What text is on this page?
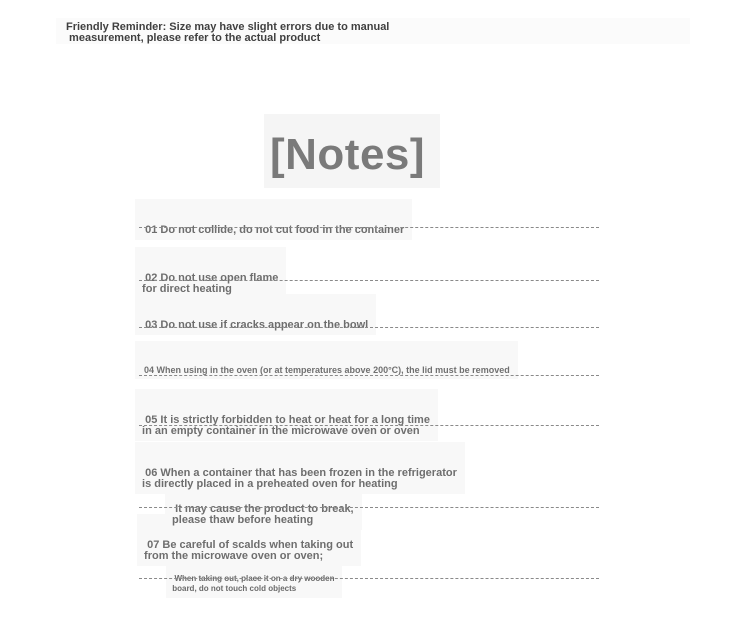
Friendly Reminder: Size may have slight errors due to manual
measurement, please refer to the actual product
[Notes]

01 Do not collide, do not cut food in the container

02 Do not use open flame
for direct heating

03 Do not use if cracks appear on the bowl

04 When using in the oven (or at temperatures above 200°C), the lid must be removed

05 It is strictly forbidden to heat or heat for a long time
in an empty container in the microwave oven or oven

06 When a container that has been frozen in the refrigerator
is directly placed in a preheated oven for heating

It may cause the product to break,
please thaw before heating

07 Be careful of scalds when taking out
from the microwave oven or oven;

When taking out, place it on a dry wooden
board, do not touch cold objects
